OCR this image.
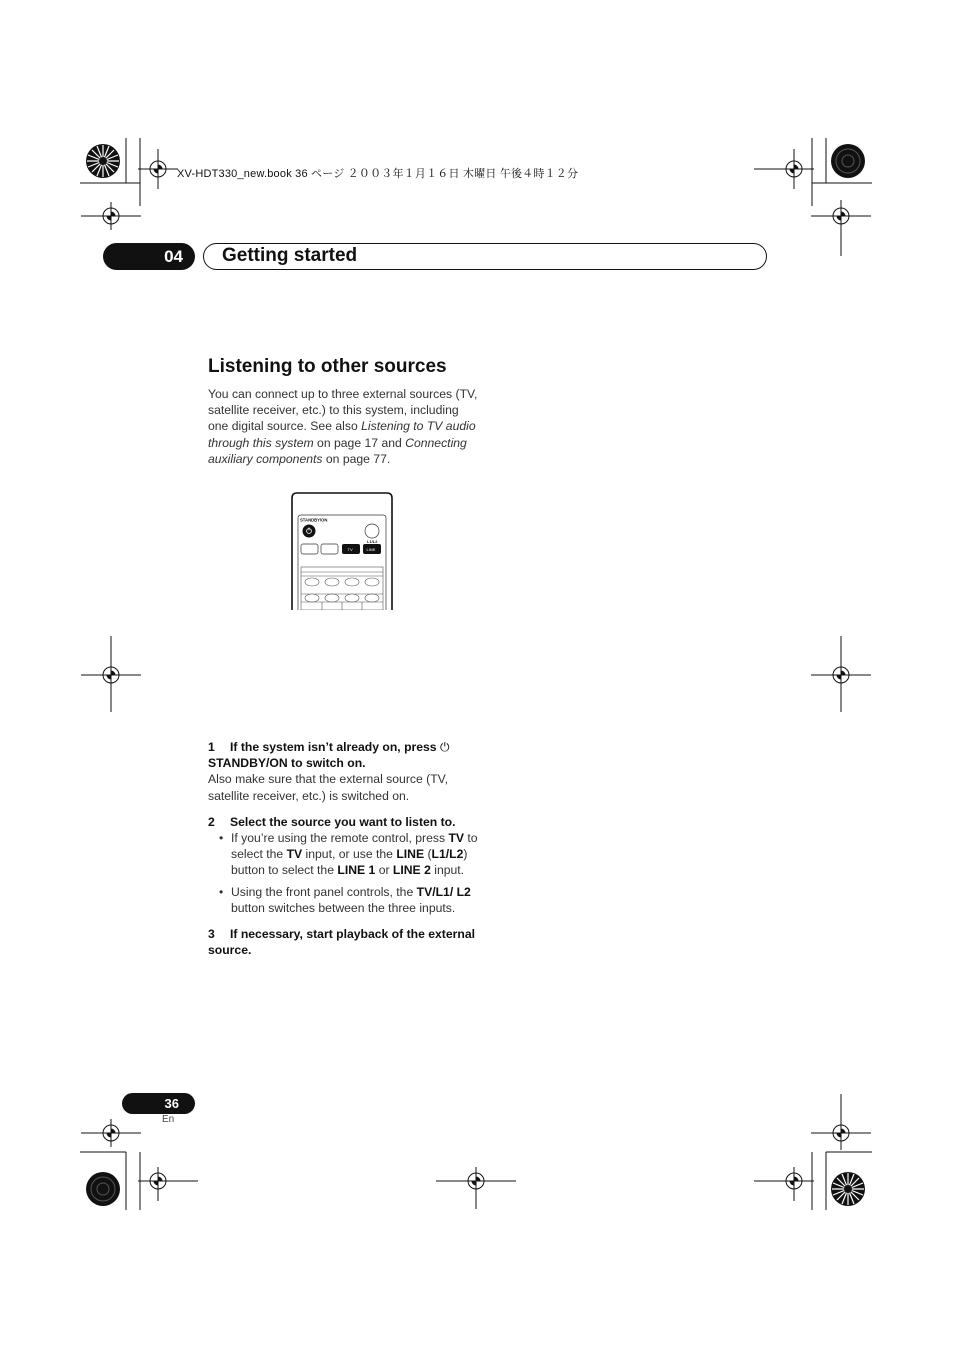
XV-HDT330_new.book 36 ページ ２００３年１月１６日 木曜日 午後４時１２分
04 Getting started
Listening to other sources

You can connect up to three external sources (TV, satellite receiver, etc.) to this system, including one digital source. See also Listening to TV audio through this system on page 17 and Connecting auxiliary components on page 77.

1 If the system isn’t already on, press ⏻ STANDBY/ON to switch on.

Also make sure that the external source (TV, satellite receiver, etc.) is switched on.

2 Select the source you want to listen to.
• If you’re using the remote control, press TV to select the TV input, or use the LINE (L1/L2) button to select the LINE 1 or LINE 2 input.
• Using the front panel controls, the TV/L1/ L2 button switches between the three inputs.
3 If necessary, start playback of the external source.
STANDBY/ON
L1/L2
TV	LINE
36
En
